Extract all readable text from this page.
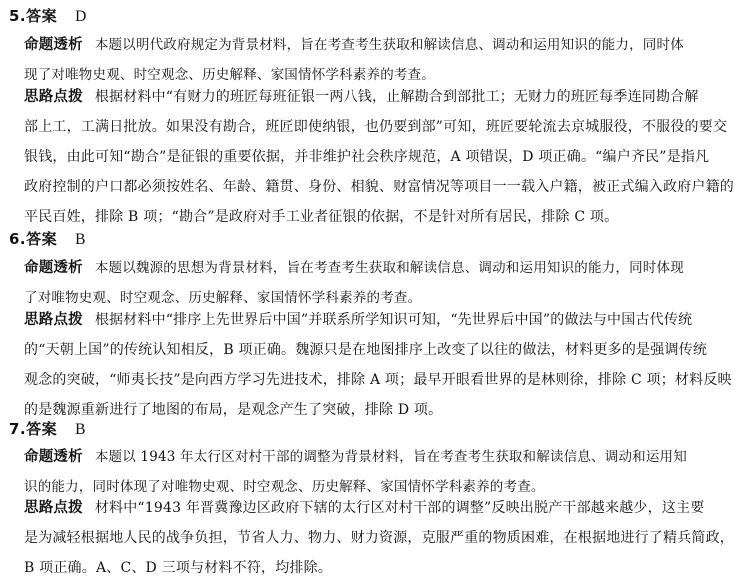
5.答案 D
命题透析 本题以明代政府规定为背景材料，旨在考查考生获取和解读信息、调动和运用知识的能力，同时体
现了对唯物史观、时空观念、历史解释、家国情怀学科素养的考查。
思路点拨 根据材料中“有财力的班匠每班征银一两八钱，止解勘合到部批工；无财力的班匠每季连同勘合解
部上工，工满日批放。如果没有勘合，班匠即使纳银，也仍要到部”可知，班匠要轮流去京城服役，不服役的要交
银钱，由此可知“勘合”是征银的重要依据，并非维护社会秩序规范，A 项错误，D 项正确。“编户齐民”是指凡
政府控制的户口都必须按姓名、年龄、籍贯、身份、相貌、财富情况等项目一一载入户籍，被正式编入政府户籍的
平民百姓，排除 B 项；“勘合”是政府对手工业者征银的依据，不是针对所有居民，排除 C 项。
6.答案 B
命题透析 本题以魏源的思想为背景材料，旨在考查考生获取和解读信息、调动和运用知识的能力，同时体现
了对唯物史观、时空观念、历史解释、家国情怀学科素养的考查。
思路点拨 根据材料中“排序上先世界后中国”并联系所学知识可知，“先世界后中国”的做法与中国古代传统
的“天朝上国”的传统认知相反，B 项正确。魏源只是在地图排序上改变了以往的做法，材料更多的是强调传统
观念的突破，“师夷长技”是向西方学习先进技术，排除 A 项；最早开眼看世界的是林则徐，排除 C 项；材料反映
的是魏源重新进行了地图的布局，是观念产生了突破，排除 D 项。
7.答案 B
命题透析 本题以 1943 年太行区对村干部的调整为背景材料，旨在考查考生获取和解读信息、调动和运用知
识的能力，同时体现了对唯物史观、时空观念、历史解释、家国情怀学科素养的考查。
思路点拨 材料中“1943 年晋冀豫边区政府下辖的太行区对村干部的调整”反映出脱产干部越来越少，这主要
是为减轻根据地人民的战争负担，节省人力、物力、财力资源，克服严重的物质困难，在根据地进行了精兵简政，
B 项正确。A、C、D 三项与材料不符，均排除。
